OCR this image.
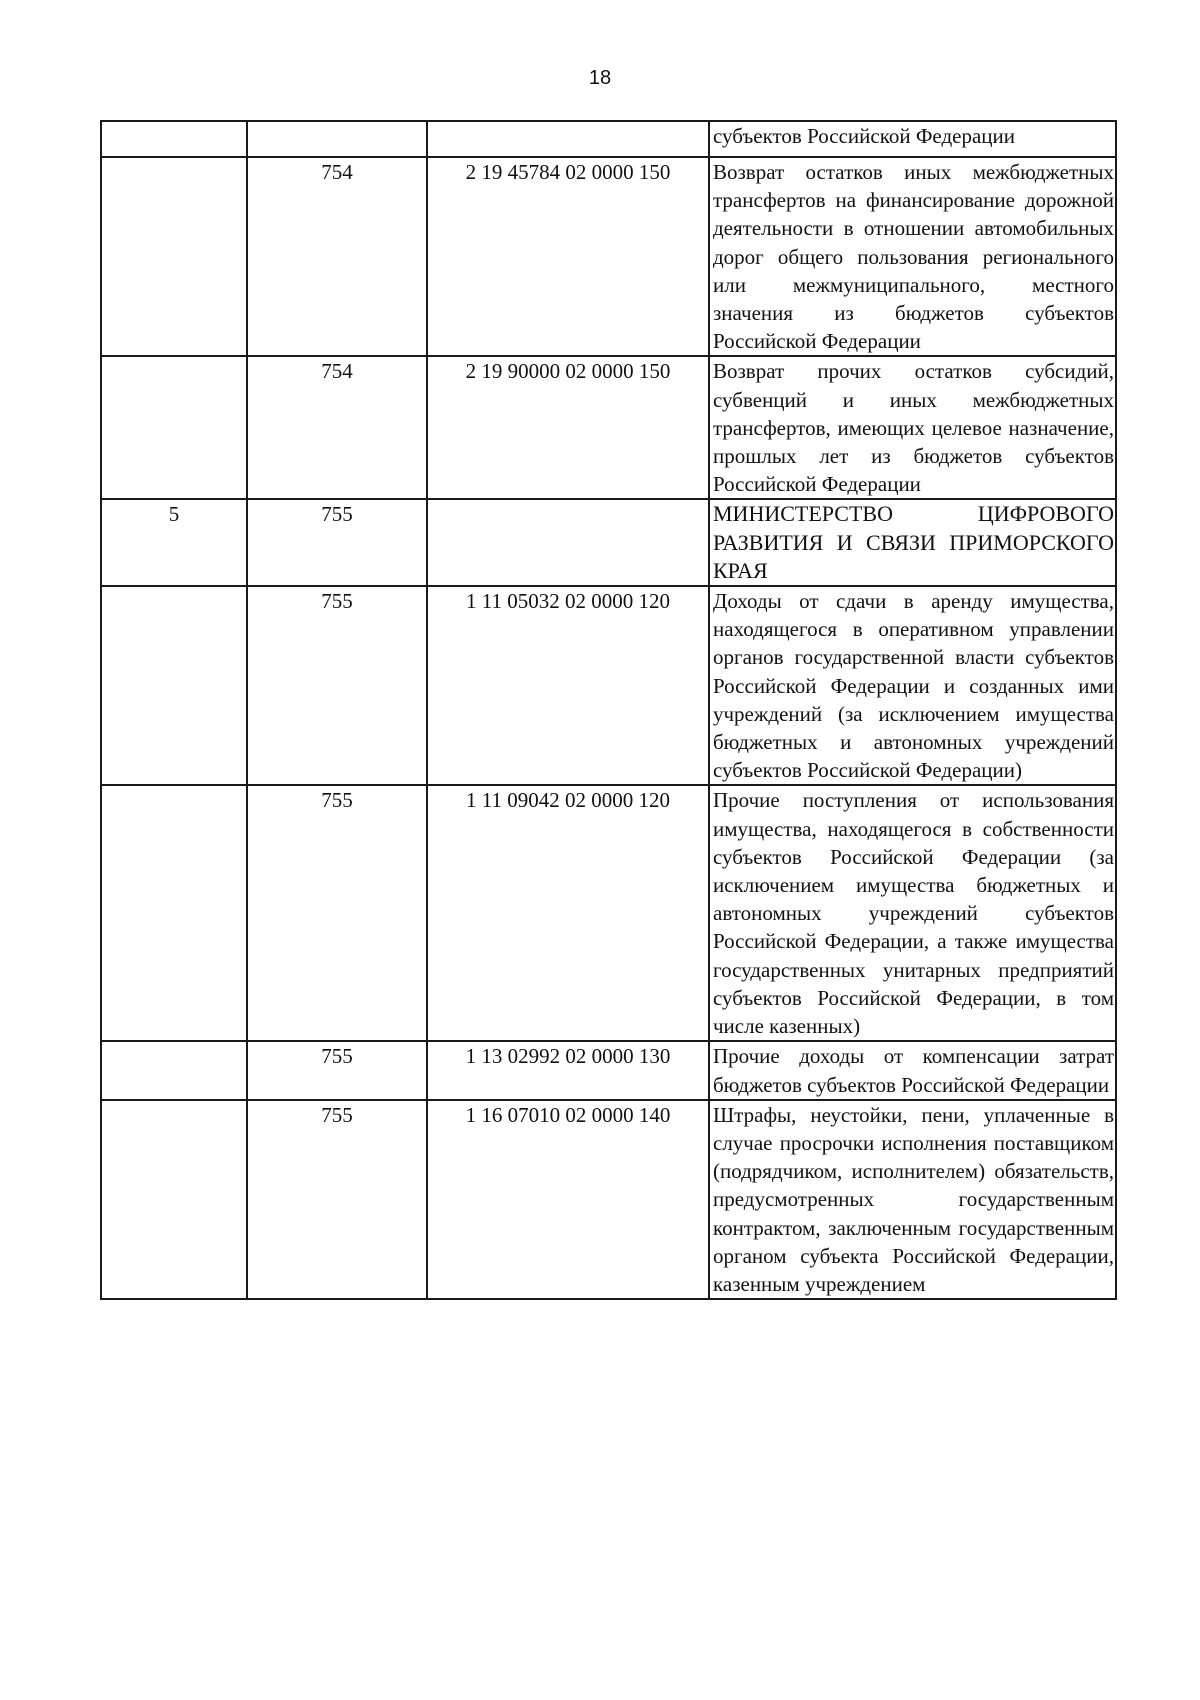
18

			субъектов Российской Федерации

	754	2 19 45784 02 0000 150	Возврат остатков иных межбюджетных трансфертов на финансирование дорожной деятельности в отношении автомобильных дорог общего пользования регионального или межмуниципального, местного значения из бюджетов субъектов Российской Федерации

	754	2 19 90000 02 0000 150	Возврат прочих остатков субсидий, субвенций и иных межбюджетных трансфертов, имеющих целевое назначение, прошлых лет из бюджетов субъектов Российской Федерации

5	755		МИНИСТЕРСТВО ЦИФРОВОГО РАЗВИТИЯ И СВЯЗИ ПРИМОРСКОГО КРАЯ

	755	1 11 05032 02 0000 120	Доходы от сдачи в аренду имущества, находящегося в оперативном управлении органов государственной власти субъектов Российской Федерации и созданных ими учреждений (за исключением имущества бюджетных и автономных учреждений субъектов Российской Федерации)

	755	1 11 09042 02 0000 120	Прочие поступления от использования имущества, находящегося в собственности субъектов Российской Федерации (за исключением имущества бюджетных и автономных учреждений субъектов Российской Федерации, а также имущества государственных унитарных предприятий субъектов Российской Федерации, в том числе казенных)

	755	1 13 02992 02 0000 130	Прочие доходы от компенсации затрат бюджетов субъектов Российской Федерации

	755	1 16 07010 02 0000 140	Штрафы, неустойки, пени, уплаченные в случае просрочки исполнения поставщиком (подрядчиком, исполнителем) обязательств, предусмотренных государственным контрактом, заключенным государственным органом субъекта Российской Федерации, казенным учреждением
